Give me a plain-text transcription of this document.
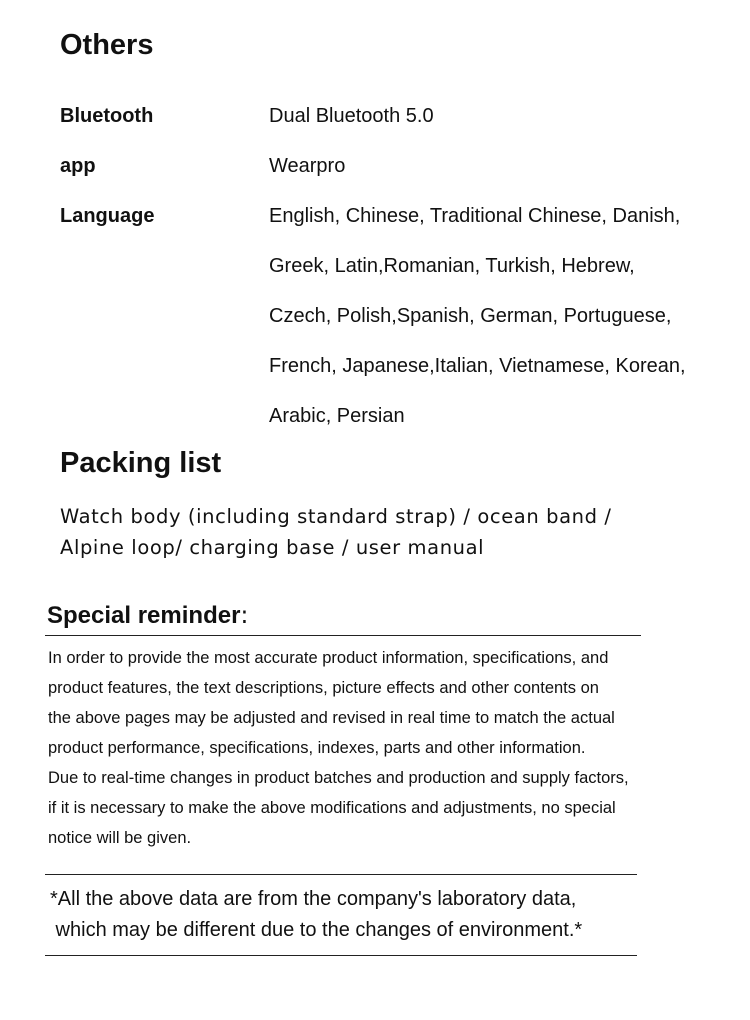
Others
Bluetooth	Dual Bluetooth 5.0
app	Wearpro
Language	English, Chinese, Traditional Chinese, Danish,
Greek, Latin,Romanian, Turkish, Hebrew,
Czech, Polish,Spanish, German, Portuguese,
French, Japanese,Italian, Vietnamese, Korean,
Arabic, Persian
Packing list
Watch body (including standard strap) / ocean band /
Alpine loop/ charging base / user manual
Special reminder:
In order to provide the most accurate product information, specifications, and
product features, the text descriptions, picture effects and other contents on
the above pages may be adjusted and revised in real time to match the actual
product performance, specifications, indexes, parts and other information.
Due to real-time changes in product batches and production and supply factors,
if it is necessary to make the above modifications and adjustments, no special
notice will be given.
*All the above data are from the company's laboratory data,
which may be different due to the changes of environment.*
